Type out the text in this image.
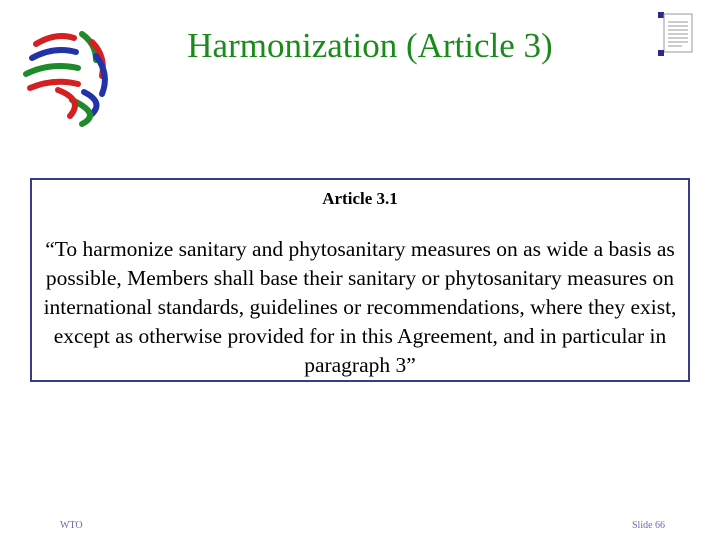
Harmonization (Article 3)
Article 3.1
“To harmonize sanitary and phytosanitary measures on as wide a basis as possible, Members shall base their sanitary or phytosanitary measures on international standards, guidelines or recommendations, where they exist, except as otherwise provided for in this Agreement, and in particular in paragraph 3”
WTO	Slide 66
